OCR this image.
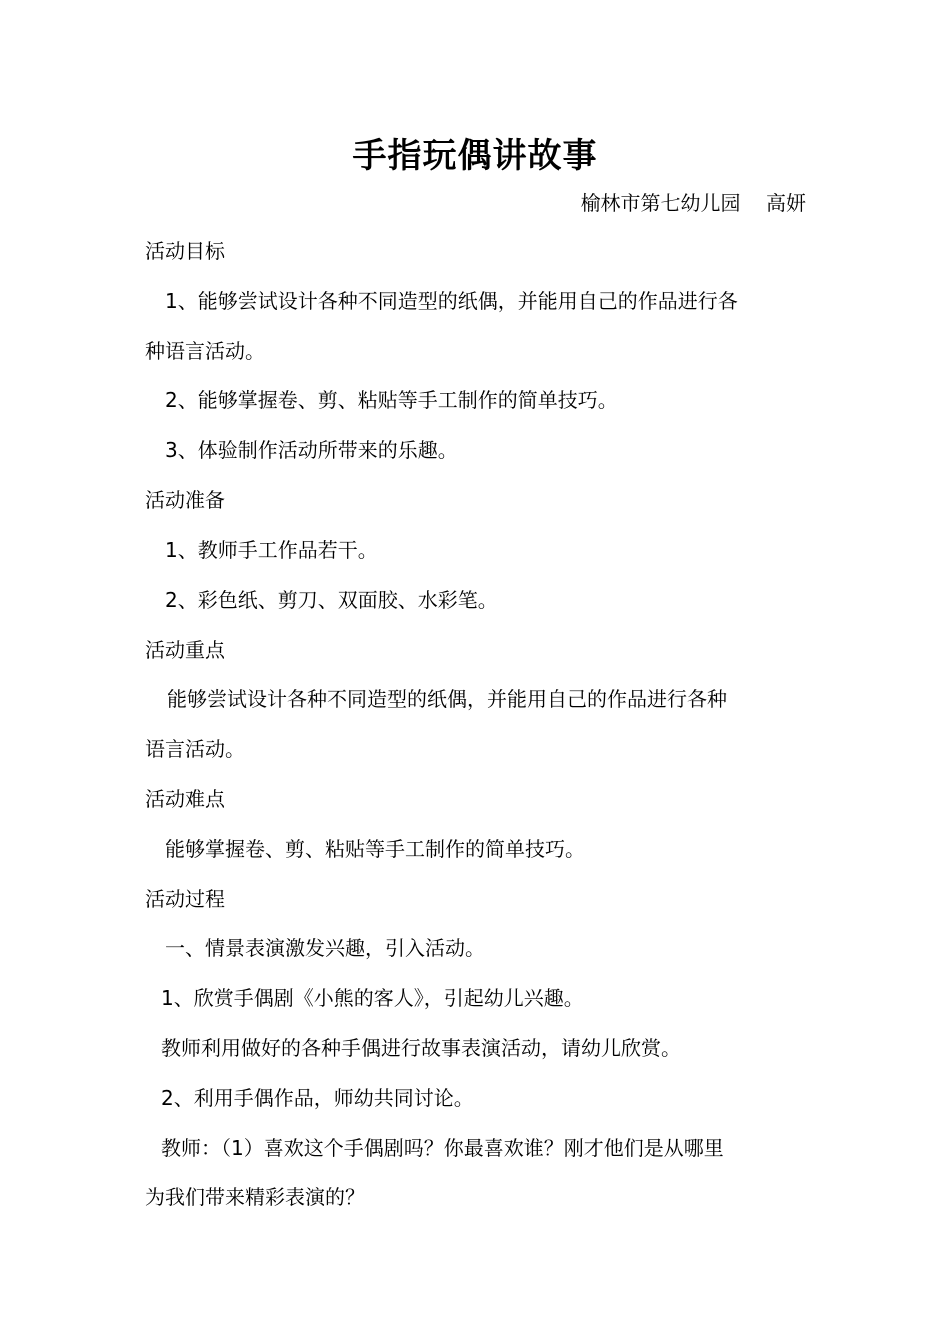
手指玩偶讲故事
榆林市第七幼儿园    高妍
活动目标
1、能够尝试设计各种不同造型的纸偶，并能用自己的作品进行各
种语言活动。
2、能够掌握卷、剪、粘贴等手工制作的简单技巧。
3、体验制作活动所带来的乐趣。
活动准备
1、教师手工作品若干。
2、彩色纸、剪刀、双面胶、水彩笔。
活动重点
能够尝试设计各种不同造型的纸偶，并能用自己的作品进行各种
语言活动。
活动难点
能够掌握卷、剪、粘贴等手工制作的简单技巧。
活动过程
一、情景表演激发兴趣，引入活动。
1、欣赏手偶剧《小熊的客人》，引起幼儿兴趣。
教师利用做好的各种手偶进行故事表演活动，请幼儿欣赏。
2、利用手偶作品，师幼共同讨论。
教师：（1）喜欢这个手偶剧吗？你最喜欢谁？刚才他们是从哪里
为我们带来精彩表演的？
